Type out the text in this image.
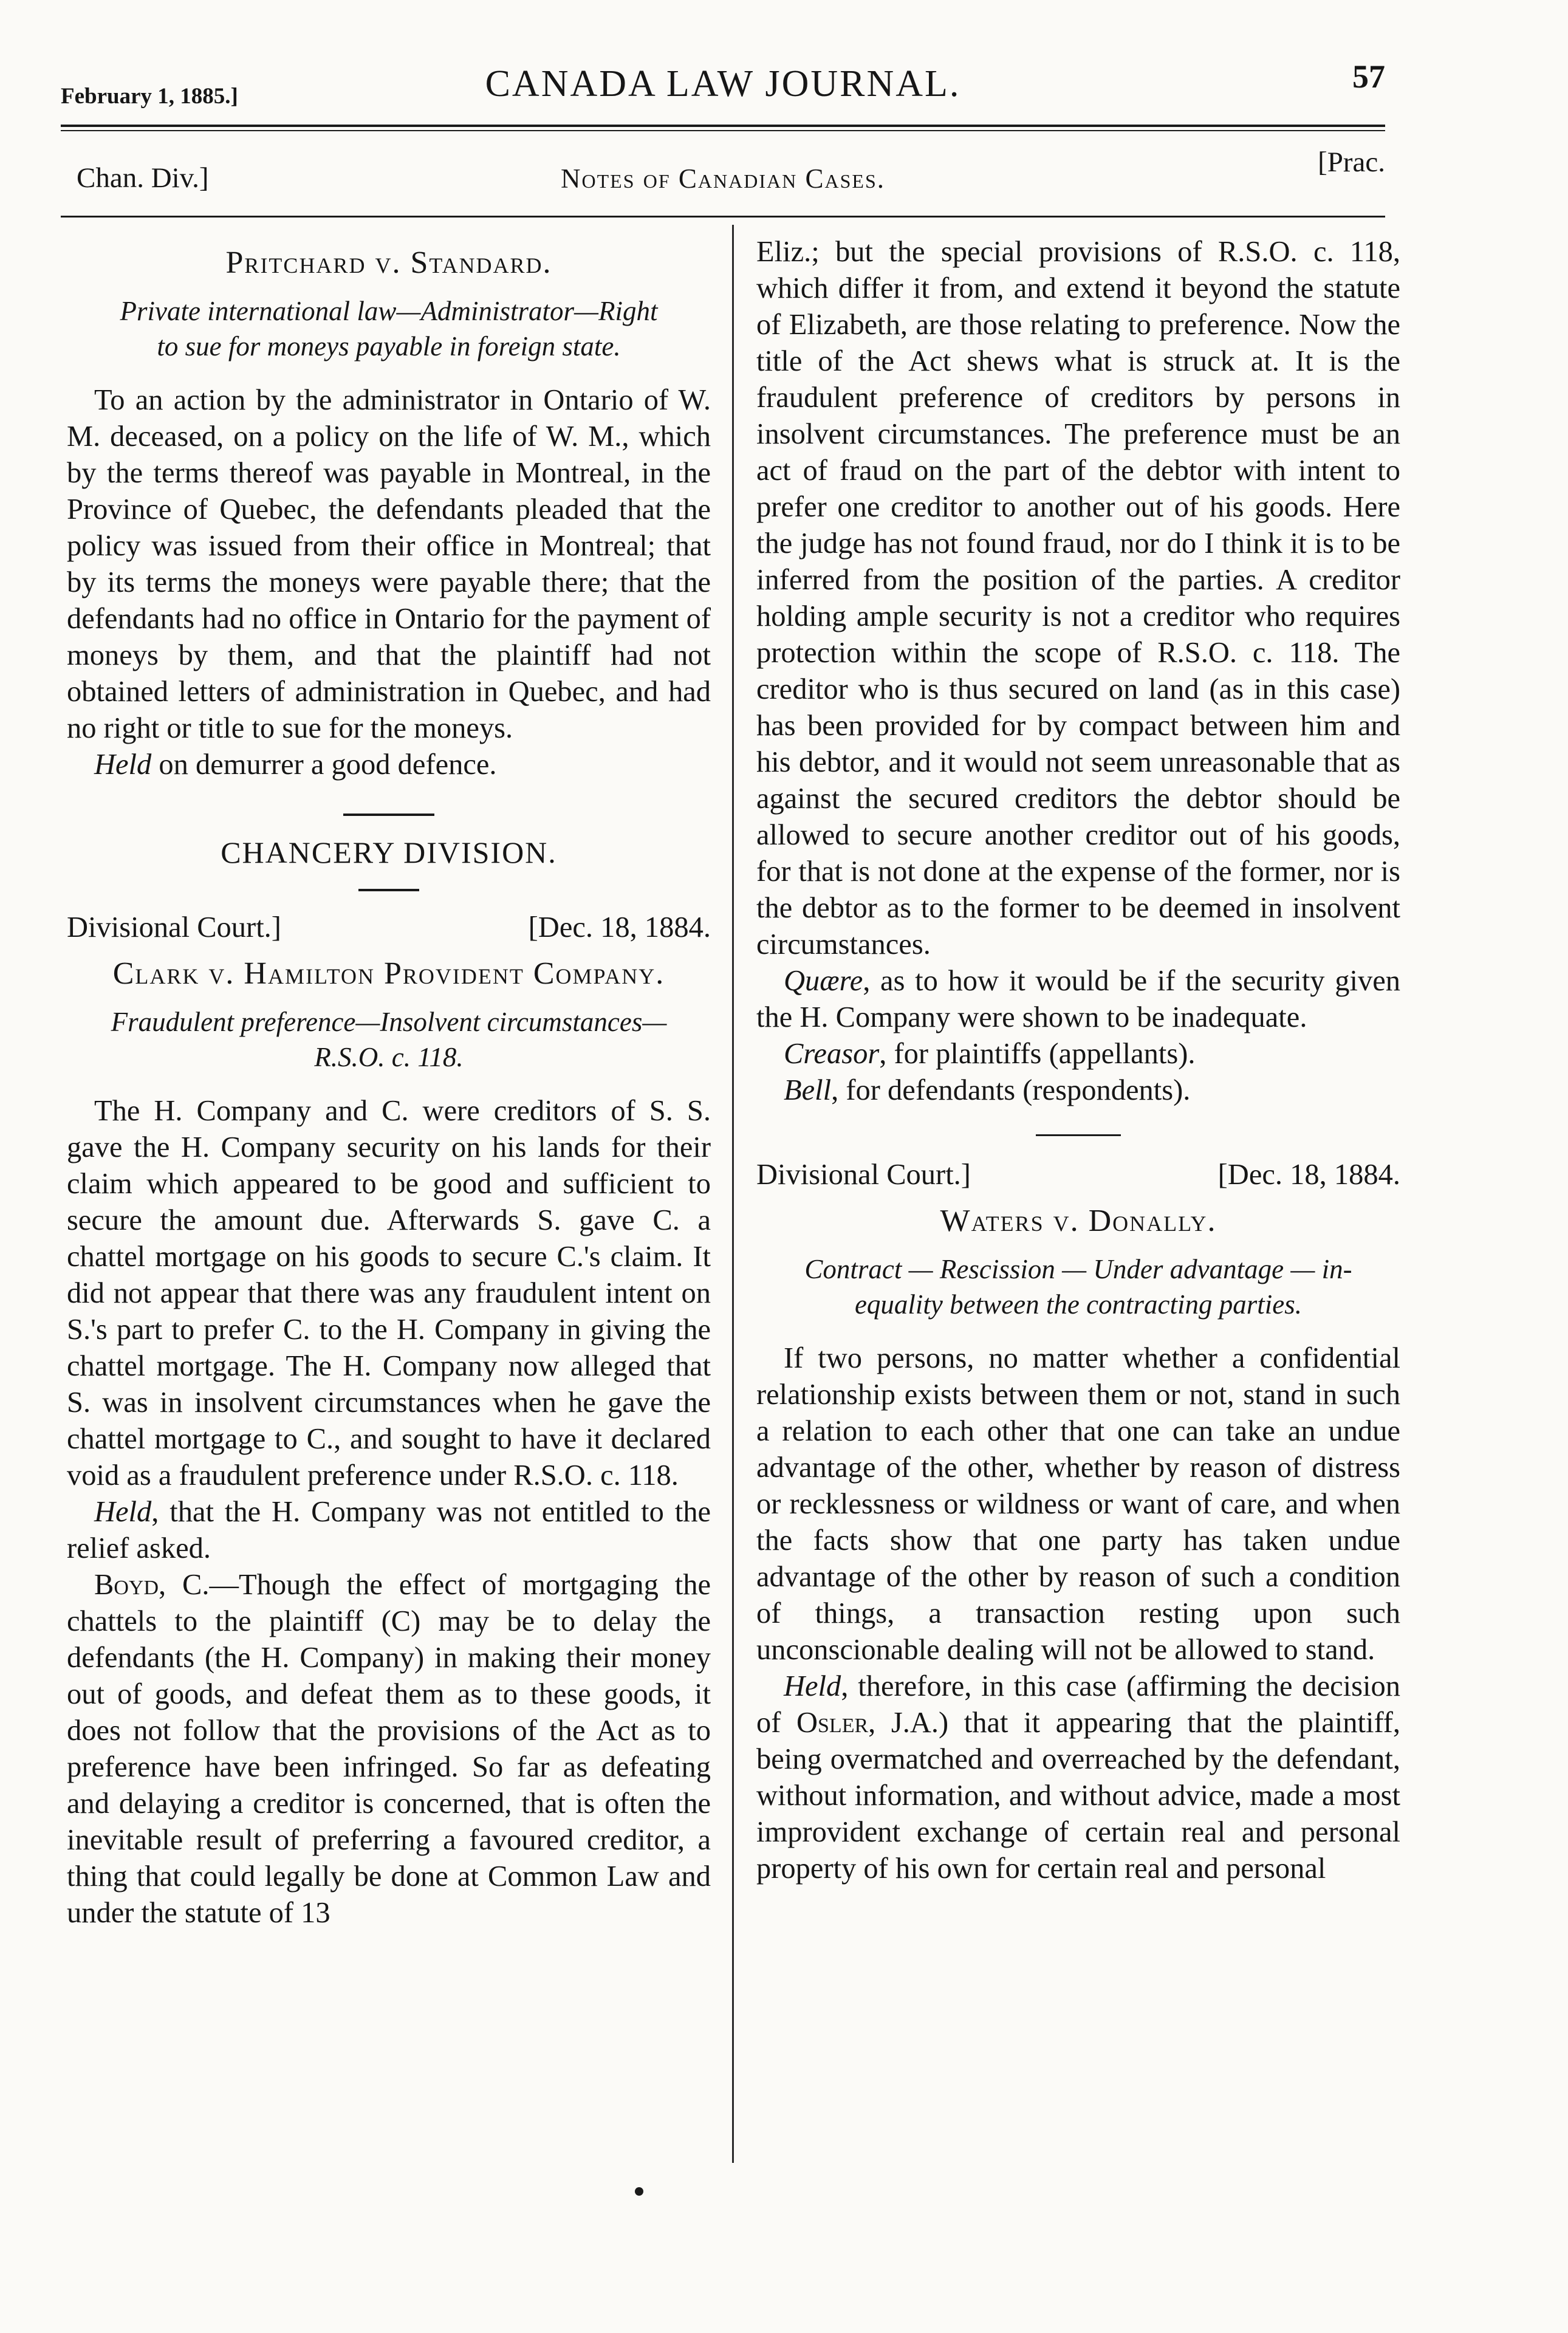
February 1, 1885.]	CANADA LAW JOURNAL.	57
Chan. Div.]	Notes of Canadian Cases.
[Prac.
Pritchard v. Standard.
Private international law—Administrator—Right
to sue for moneys payable in foreign state.

To an action by the administrator in Ontario of W. M. deceased, on a policy on the life of W. M., which by the terms thereof was payable in Montreal, in the Province of Quebec, the defendants pleaded that the policy was issued from their office in Montreal; that by its terms the moneys were payable there; that the defendants had no office in Ontario for the payment of moneys by them, and that the plaintiff had not obtained letters of administration in Quebec, and had no right or title to sue for the moneys.

Held on demurrer a good defence.

CHANCERY DIVISION.
Divisional Court.]	[Dec. 18, 1884.
Clark v. Hamilton Provident Company.
Fraudulent preference—Insolvent circumstances—
R.S.O. c. 118.

The H. Company and C. were creditors of S. S. gave the H. Company security on his lands for their claim which appeared to be good and sufficient to secure the amount due. Afterwards S. gave C. a chattel mortgage on his goods to secure C.'s claim. It did not appear that there was any fraudulent intent on S.'s part to prefer C. to the H. Company in giving the chattel mortgage. The H. Company now alleged that S. was in insolvent circumstances when he gave the chattel mortgage to C., and sought to have it declared void as a fraudulent preference under R.S.O. c. 118.

Held, that the H. Company was not entitled to the relief asked.

Boyd, C.—Though the effect of mortgaging the chattels to the plaintiff (C) may be to delay the defendants (the H. Company) in making their money out of goods, and defeat them as to these goods, it does not follow that the provisions of the Act as to preference have been infringed. So far as defeating and delaying a creditor is concerned, that is often the inevitable result of preferring a favoured creditor, a thing that could legally be done at Common Law and under the statute of 13

Eliz.; but the special provisions of R.S.O. c. 118, which differ it from, and extend it beyond the statute of Elizabeth, are those relating to preference. Now the title of the Act shews what is struck at. It is the fraudulent preference of creditors by persons in insolvent circumstances. The preference must be an act of fraud on the part of the debtor with intent to prefer one creditor to another out of his goods. Here the judge has not found fraud, nor do I think it is to be inferred from the position of the parties. A creditor holding ample security is not a creditor who requires protection within the scope of R.S.O. c. 118. The creditor who is thus secured on land (as in this case) has been provided for by compact between him and his debtor, and it would not seem unreasonable that as against the secured creditors the debtor should be allowed to secure another creditor out of his goods, for that is not done at the expense of the former, nor is the debtor as to the former to be deemed in insolvent circumstances.

Quære, as to how it would be if the security given the H. Company were shown to be inadequate.

Creasor, for plaintiffs (appellants).

Bell, for defendants (respondents).

Divisional Court.]	[Dec. 18, 1884.
Waters v. Donally.
Contract — Rescission — Under advantage — in-
equality between the contracting parties.

If two persons, no matter whether a confidential relationship exists between them or not, stand in such a relation to each other that one can take an undue advantage of the other, whether by reason of distress or recklessness or wildness or want of care, and when the facts show that one party has taken undue advantage of the other by reason of such a condition of things, a transaction resting upon such unconscionable dealing will not be allowed to stand.

Held, therefore, in this case (affirming the decision of Osler, J.A.) that it appearing that the plaintiff, being overmatched and overreached by the defendant, without information, and without advice, made a most improvident exchange of certain real and personal property of his own for certain real and personal
